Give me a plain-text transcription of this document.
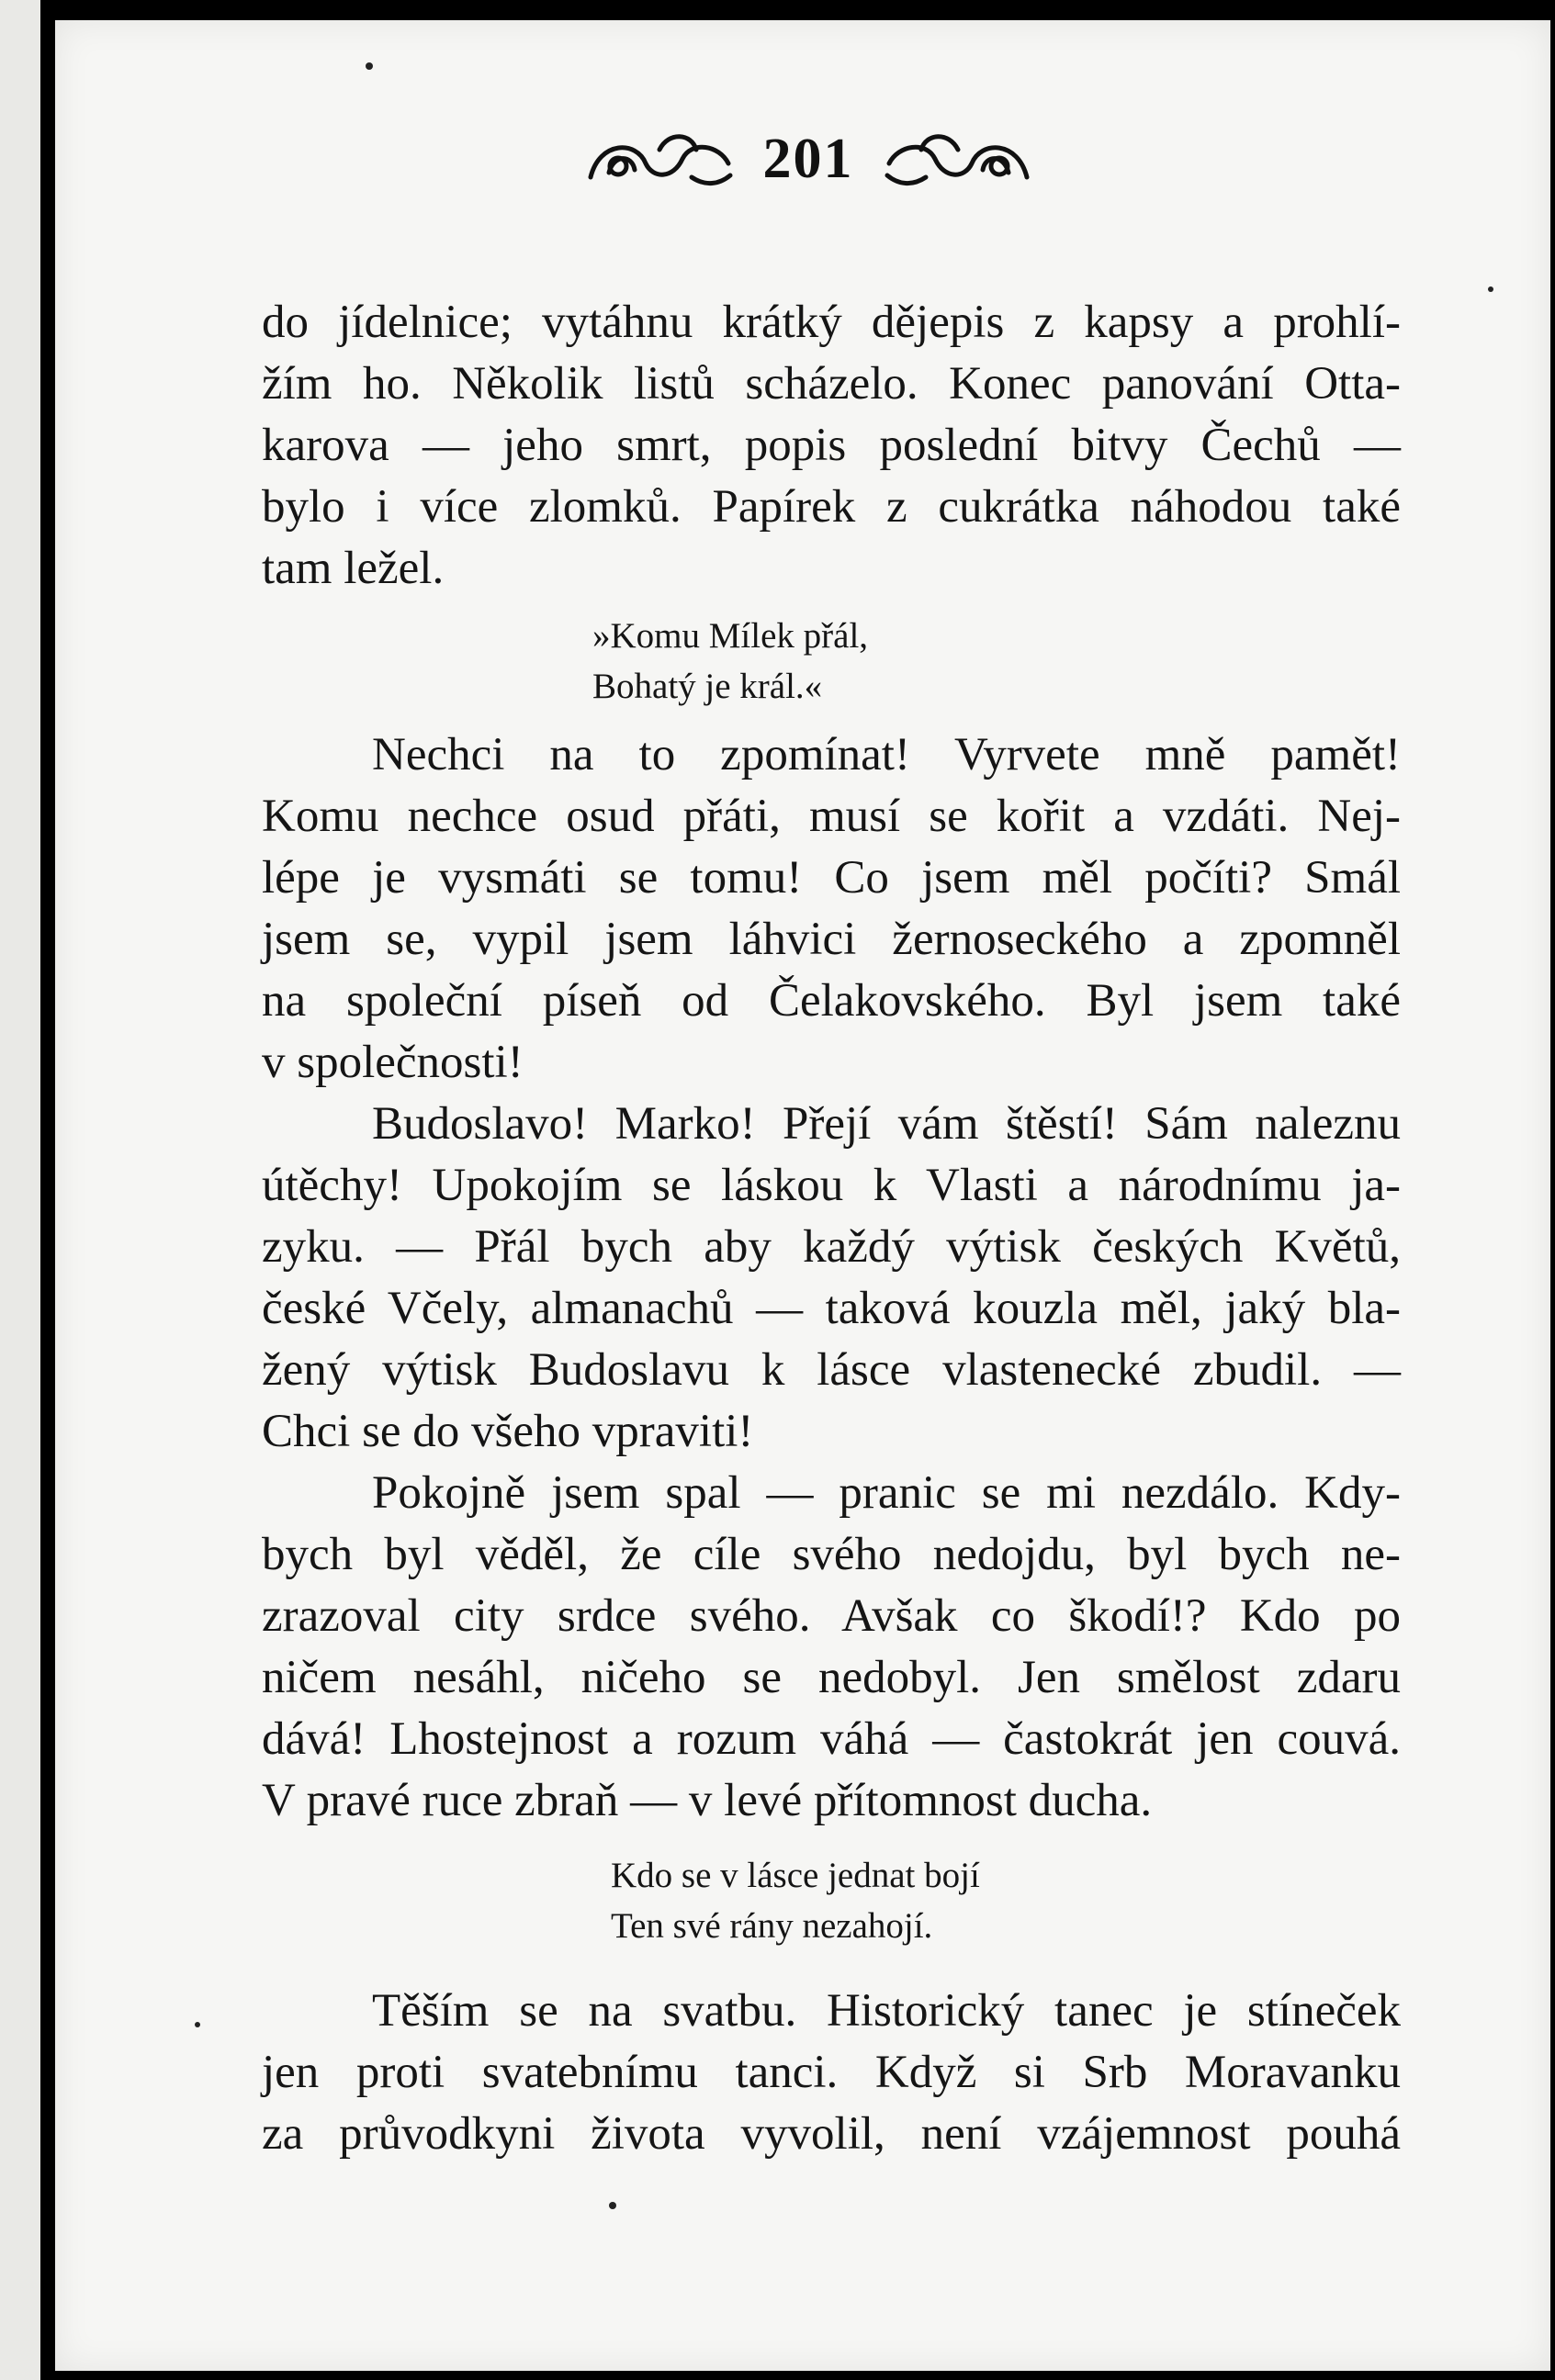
201

do jídelnice; vytáhnu krátký dějepis z kapsy a prohlí-
žím ho. Několik listů scházelo. Konec panování Otta-
karova — jeho smrt, popis poslední bitvy Čechů —
bylo i více zlomků. Papírek z cukrátka náhodou také
tam ležel.

»Komu Mílek přál,
Bohatý je král.«

Nechci na to zpomínat! Vyrvete mně pamět!
Komu nechce osud přáti, musí se kořit a vzdáti. Nej-
lépe je vysmáti se tomu! Co jsem měl počíti? Smál
jsem se, vypil jsem láhvici žernoseckého a zpomněl
na společní píseň od Čelakovského. Byl jsem také
v společnosti!

Budoslavo! Marko! Přejí vám štěstí! Sám naleznu
útěchy! Upokojím se láskou k Vlasti a národnímu ja-
zyku. — Přál bych aby každý výtisk českých Květů,
české Včely, almanachů — taková kouzla měl, jaký bla-
žený výtisk Budoslavu k lásce vlastenecké zbudil. —
Chci se do všeho vpraviti!

Pokojně jsem spal — pranic se mi nezdálo. Kdy-
bych byl věděl, že cíle svého nedojdu, byl bych ne-
zrazoval city srdce svého. Avšak co škodí!? Kdo po
ničem nesáhl, ničeho se nedobyl. Jen smělost zdaru
dává! Lhostejnost a rozum váhá — častokrát jen couvá.
V pravé ruce zbraň — v levé přítomnost ducha.

Kdo se v lásce jednat bojí
Ten své rány nezahojí.

Těším se na svatbu. Historický tanec je stíneček
jen proti svatebnímu tanci. Když si Srb Moravanku
za průvodkyni života vyvolil, není vzájemnost pouhá
